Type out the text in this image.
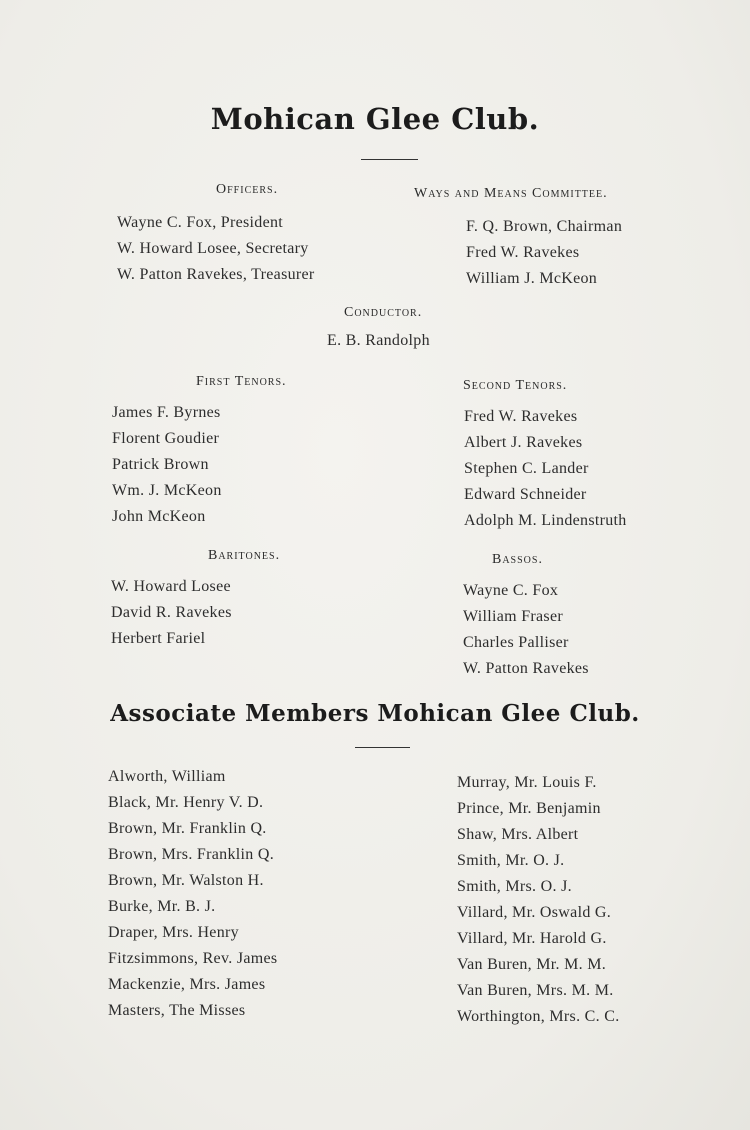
Mohican Glee Club.
Officers.
Wayne C. Fox, President
W. Howard Losee, Secretary
W. Patton Ravekes, Treasurer
Ways and Means Committee.
F. Q. Brown, Chairman
Fred W. Ravekes
William J. McKeon
Conductor.
E. B. Randolph
First Tenors.
James F. Byrnes
Florent Goudier
Patrick Brown
Wm. J. McKeon
John McKeon
Second Tenors.
Fred W. Ravekes
Albert J. Ravekes
Stephen C. Lander
Edward Schneider
Adolph M. Lindenstruth
Baritones.
W. Howard Losee
David R. Ravekes
Herbert Fariel
Bassos.
Wayne C. Fox
William Fraser
Charles Palliser
W. Patton Ravekes
Associate Members Mohican Glee Club.
Alworth, William
Black, Mr. Henry V. D.
Brown, Mr. Franklin Q.
Brown, Mrs. Franklin Q.
Brown, Mr. Walston H.
Burke, Mr. B. J.
Draper, Mrs. Henry
Fitzsimmons, Rev. James
Mackenzie, Mrs. James
Masters, The Misses
Murray, Mr. Louis F.
Prince, Mr. Benjamin
Shaw, Mrs. Albert
Smith, Mr. O. J.
Smith, Mrs. O. J.
Villard, Mr. Oswald G.
Villard, Mr. Harold G.
Van Buren, Mr. M. M.
Van Buren, Mrs. M. M.
Worthington, Mrs. C. C.
